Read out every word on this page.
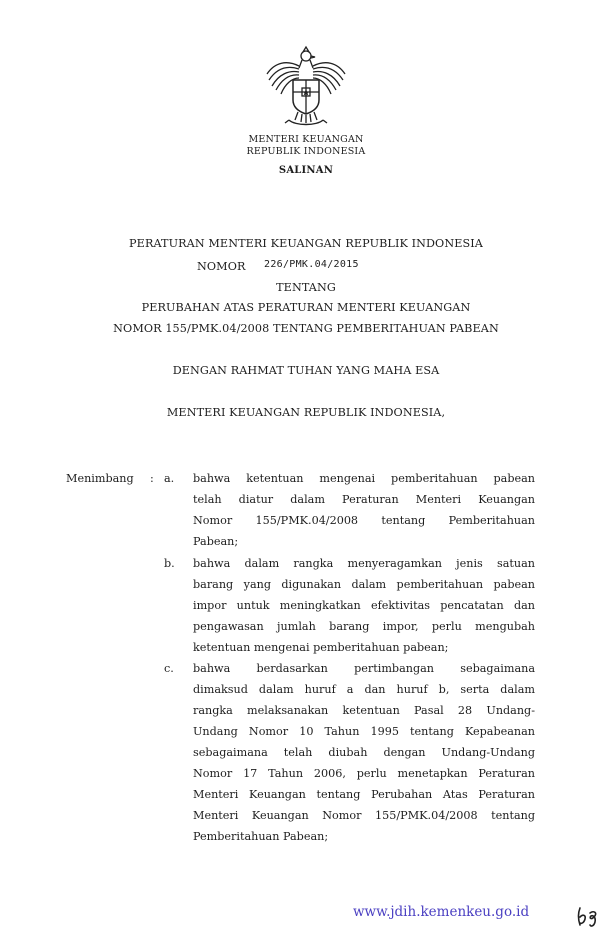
MENTERI KEUANGAN
REPUBLIK INDONESIA
SALINAN
PERATURAN MENTERI KEUANGAN REPUBLIK INDONESIA
NOMOR 226/PMK.04/2015
TENTANG
PERUBAHAN ATAS PERATURAN MENTERI KEUANGAN
NOMOR 155/PMK.04/2008 TENTANG PEMBERITAHUAN PABEAN
DENGAN RAHMAT TUHAN YANG MAHA ESA
MENTERI KEUANGAN REPUBLIK INDONESIA,
Menimbang : a. bahwa ketentuan mengenai pemberitahuan pabean
telah diatur dalam Peraturan Menteri Keuangan
Nomor 155/PMK.04/2008 tentang Pemberitahuan
Pabean;
b. bahwa dalam rangka menyeragamkan jenis satuan
barang yang digunakan dalam pemberitahuan pabean
impor untuk meningkatkan efektivitas pencatatan dan
pengawasan jumlah barang impor, perlu mengubah
ketentuan mengenai pemberitahuan pabean;
c. bahwa berdasarkan pertimbangan sebagaimana
dimaksud dalam huruf a dan huruf b, serta dalam
rangka melaksanakan ketentuan Pasal 28 Undang-
Undang Nomor 10 Tahun 1995 tentang Kepabeanan
sebagaimana telah diubah dengan Undang-Undang
Nomor 17 Tahun 2006, perlu menetapkan Peraturan
Menteri Keuangan tentang Perubahan Atas Peraturan
Menteri Keuangan Nomor 155/PMK.04/2008 tentang
Pemberitahuan Pabean;
www.jdih.kemenkeu.go.id
